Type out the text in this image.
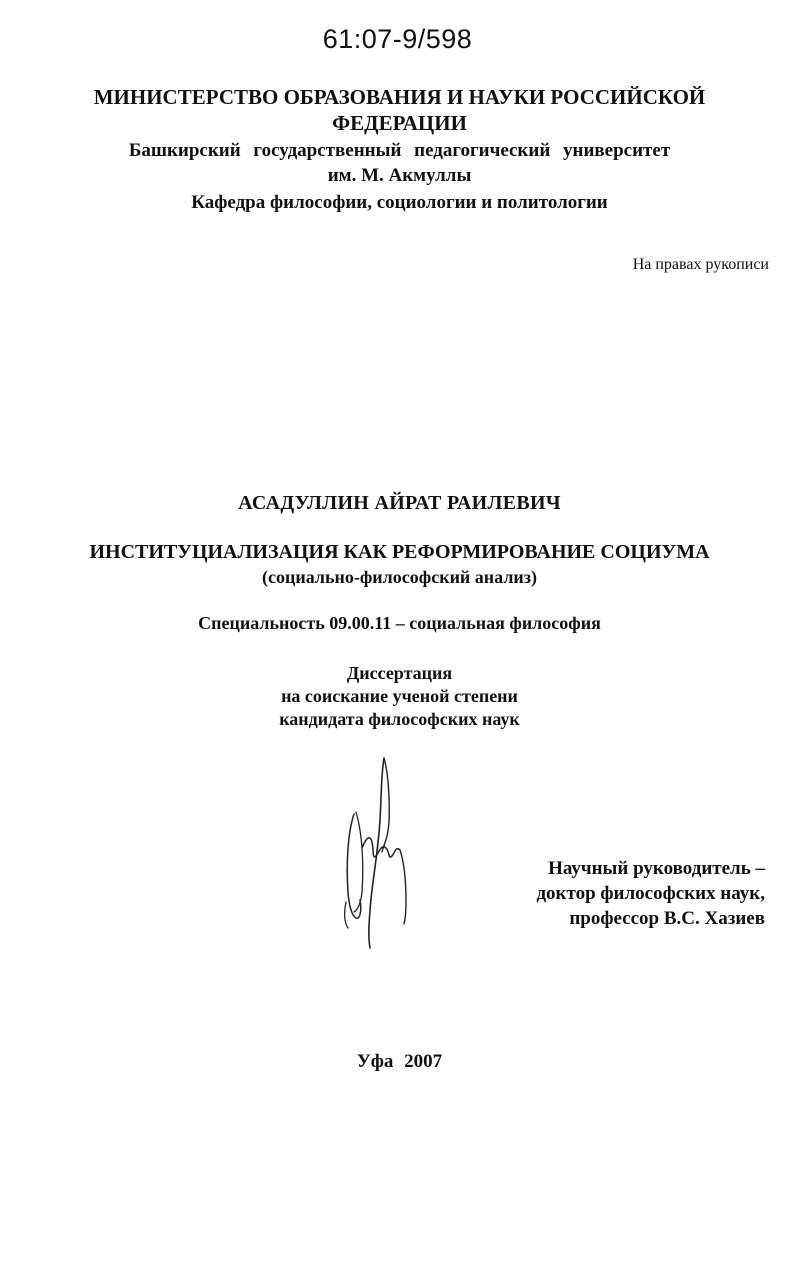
61:07-9/598
МИНИСТЕРСТВО ОБРАЗОВАНИЯ И НАУКИ РОССИЙСКОЙ ФЕДЕРАЦИИ
Башкирский государственный педагогический университет
им. М. Акмуллы
Кафедра философии, социологии и политологии
На правах рукописи
АСАДУЛЛИН АЙРАТ РАИЛЕВИЧ
ИНСТИТУЦИАЛИЗАЦИЯ КАК РЕФОРМИРОВАНИЕ СОЦИУМА
(социально-философский анализ)
Специальность 09.00.11 – социальная философия
Диссертация
на соискание ученой степени
кандидата философских наук
Научный руководитель –
доктор философских наук,
профессор В.С. Хазиев
Уфа 2007
